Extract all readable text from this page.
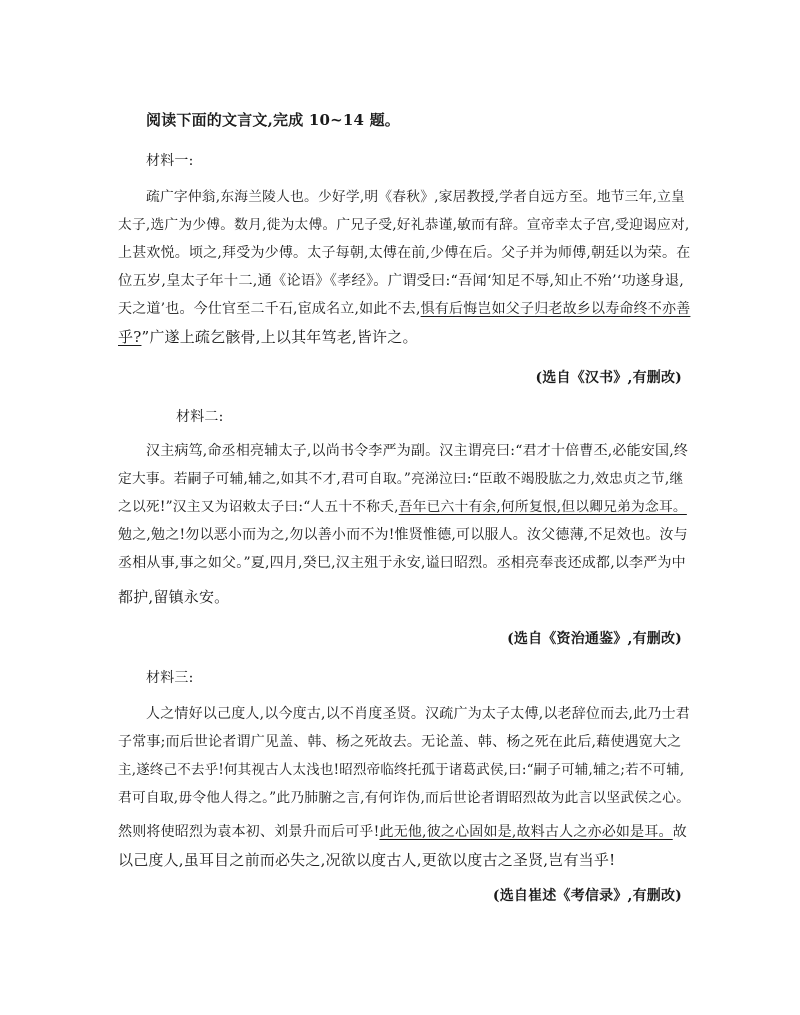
阅读下面的文言文,完成 10~14 题。
材料一:
疏广字仲翁,东海兰陵人也。少好学,明《春秋》,家居教授,学者自远方至。地节三年,立皇
太子,选广为少傅。数月,徙为太傅。广兄子受,好礼恭谨,敏而有辞。宣帝幸太子宫,受迎谒应对,
上甚欢悦。顷之,拜受为少傅。太子每朝,太傅在前,少傅在后。父子并为师傅,朝廷以为荣。在
位五岁,皇太子年十二,通《论语》《孝经》。广谓受曰:“吾闻‘知足不辱,知止不殆’‘功遂身退,
天之道’也。今仕官至二千石,宦成名立,如此不去,惧有后悔岂如父子归老故乡以寿命终不亦善
乎?”广遂上疏乞骸骨,上以其年笃老,皆许之。
(选自《汉书》,有删改)
材料二:
汉主病笃,命丞相亮辅太子,以尚书令李严为副。汉主谓亮曰:“君才十倍曹丕,必能安国,终
定大事。若嗣子可辅,辅之,如其不才,君可自取。”亮涕泣曰:“臣敢不竭股肱之力,效忠贞之节,继
之以死!”汉主又为诏敕太子曰:“人五十不称夭,吾年已六十有余,何所复恨,但以卿兄弟为念耳。
勉之,勉之!勿以恶小而为之,勿以善小而不为!惟贤惟德,可以服人。汝父德薄,不足效也。汝与
丞相从事,事之如父。”夏,四月,癸巳,汉主殂于永安,谥曰昭烈。丞相亮奉丧还成都,以李严为中
都护,留镇永安。
(选自《资治通鉴》,有删改)
材料三:
人之情好以己度人,以今度古,以不肖度圣贤。汉疏广为太子太傅,以老辞位而去,此乃士君
子常事;而后世论者谓广见盖、韩、杨之死故去。无论盖、韩、杨之死在此后,藉使遇宽大之
主,遂终己不去乎!何其视古人太浅也!昭烈帝临终托孤于诸葛武侯,曰:“嗣子可辅,辅之;若不可辅,
君可自取,毋令他人得之。”此乃肺腑之言,有何诈伪,而后世论者谓昭烈故为此言以坚武侯之心。
然则将使昭烈为袁本初、刘景升而后可乎!此无他,彼之心固如是,故料古人之亦必如是耳。故
以己度人,虽耳目之前而必失之,况欲以度古人,更欲以度古之圣贤,岂有当乎!
(选自崔述《考信录》,有删改)
